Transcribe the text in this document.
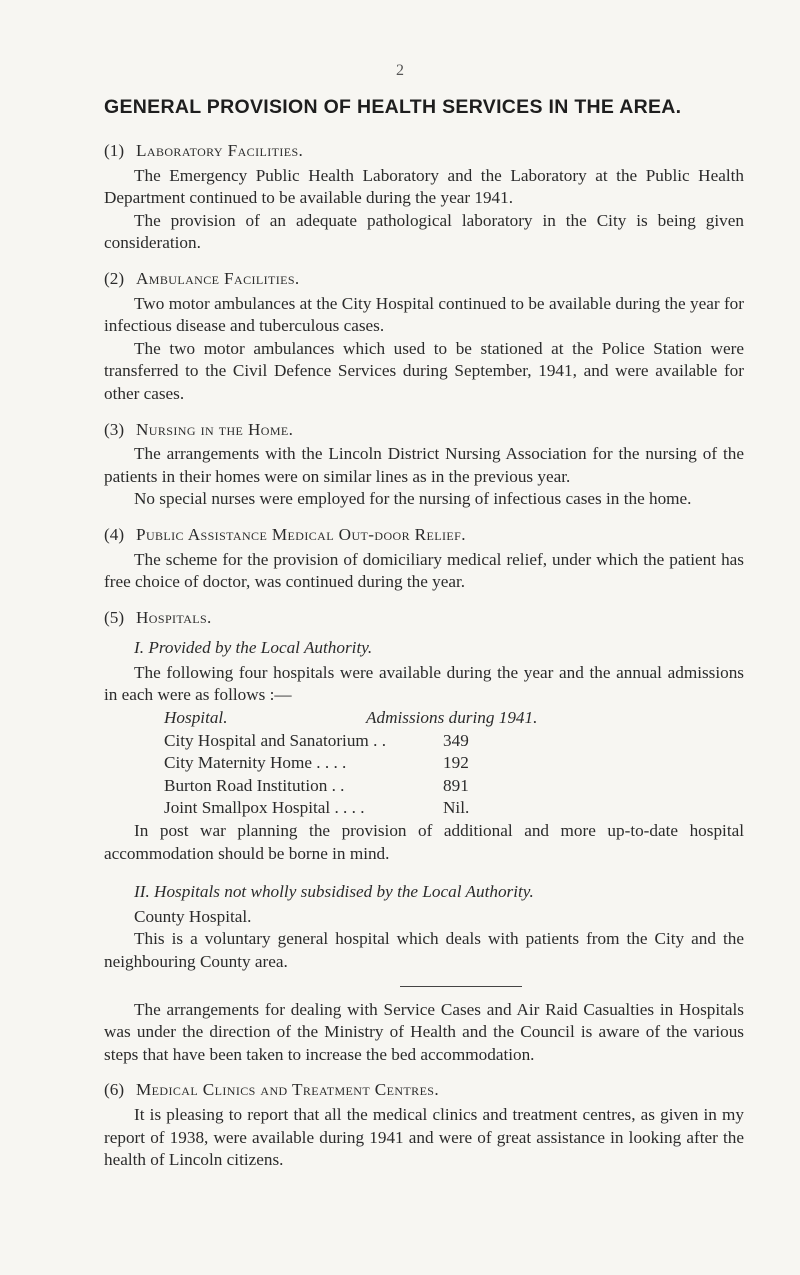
2
GENERAL PROVISION OF HEALTH SERVICES IN THE AREA.
(1) Laboratory Facilities.

The Emergency Public Health Laboratory and the Laboratory at the Public Health Department continued to be available during the year 1941.

The provision of an adequate pathological laboratory in the City is being given consideration.

(2) Ambulance Facilities.

Two motor ambulances at the City Hospital continued to be available during the year for infectious disease and tuberculous cases.

The two motor ambulances which used to be stationed at the Police Station were transferred to the Civil Defence Services during September, 1941, and were available for other cases.

(3) Nursing in the Home.

The arrangements with the Lincoln District Nursing Association for the nursing of the patients in their homes were on similar lines as in the previous year.

No special nurses were employed for the nursing of infectious cases in the home.

(4) Public Assistance Medical Out-door Relief.

The scheme for the provision of domiciliary medical relief, under which the patient has free choice of doctor, was continued during the year.

(5) Hospitals.
I. Provided by the Local Authority.

The following four hospitals were available during the year and the annual admissions in each were as follows :—

Hospital.	Admissions during 1941.
City Hospital and Sanatorium . .	349
City Maternity Home . . . .	192
Burton Road Institution . .	891
Joint Smallpox Hospital . . . .	Nil.

In post war planning the provision of additional and more up-to-date hospital accommodation should be borne in mind.

II. Hospitals not wholly subsidised by the Local Authority.

County Hospital.

This is a voluntary general hospital which deals with patients from the City and the neighbouring County area.

The arrangements for dealing with Service Cases and Air Raid Casualties in Hospitals was under the direction of the Ministry of Health and the Council is aware of the various steps that have been taken to increase the bed accommodation.

(6) Medical Clinics and Treatment Centres.

It is pleasing to report that all the medical clinics and treatment centres, as given in my report of 1938, were available during 1941 and were of great assistance in looking after the health of Lincoln citizens.
